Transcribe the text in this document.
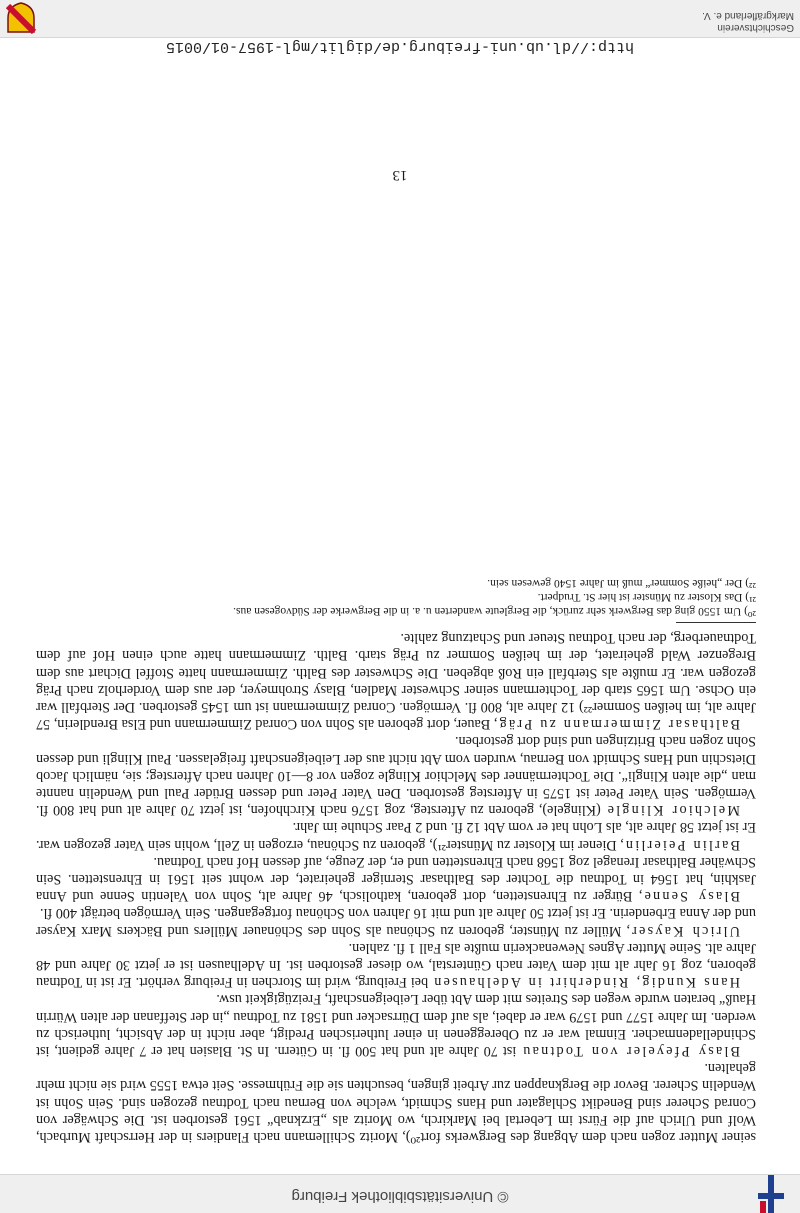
© Universitätsbibliothek Freiburg

seiner Mutter zogen nach dem Abgang des Bergwerks fort²⁰), Moritz Schillemann nach Flandiers in der Herrschaft Murbach, Wolf und Ulrich auf die Fürst im Lebertal bei Markirch, wo Moritz als „Erzknab“ 1561 gestorben ist. Die Schwäger von Conrad Scherer sind Benedikt Schlagater und Hans Schmidt, welche von Bernau nach Todtnau gezogen sind. Sein Sohn ist Wendelin Scherer. Bevor die Bergknappen zur Arbeit gingen, besuchten sie die Frühmesse. Seit etwa 1555 wird sie nicht mehr gehalten.

Blasy Pfeyeler von Todtnau ist 70 Jahre alt und hat 500 fl. in Gütern. In St. Blasien hat er 7 Jahre gedient, ist Schindelladenmacher. Einmal war er zu Obereggenen in einer lutherischen Predigt, aber nicht in der Absicht, lutherisch zu werden. Im Jahre 1577 und 1579 war er dabei, als auf dem Dürrsacker und 1581 zu Todtnau „in der Steffanan der alten Würrin Hauß“ beraten wurde wegen des Streites mit dem Abt über Leibeigenschaft, Freizügigkeit usw.

Hans Kundig, Rinderhirt in Adelhausen bei Freiburg, wird im Storchen in Freiburg verhört. Er ist in Todtnau geboren, zog 16 Jahr alt mit dem Vater nach Günterstal, wo dieser gestorben ist. In Adelhausen ist er jetzt 30 Jahre und 48 Jahre alt. Seine Mutter Agnes Newenackerin mußte als Fall 1 fl. zahlen.

Ulrich Kayser, Müller zu Münster, geboren zu Schönau als Sohn des Schönauer Müllers und Bäckers Marx Kayser und der Anna Erbenderin. Er ist jetzt 50 Jahre alt und mit 16 Jahren von Schönau fortgegangen. Sein Vermögen beträgt 400 fl.

Blasy Senne, Bürger zu Ehrenstetten, dort geboren, katholisch, 46 Jahre alt, Sohn von Valentin Senne und Anna Jaskhin, hat 1564 in Todtnau die Tochter des Balthasar Sterniger geheiratet, der wohnt seit 1561 in Ehrenstetten. Sein Schwäher Balthasar Irenagel zog 1568 nach Ehrenstetten und er, der Zeuge, auf dessen Hof nach Todtnau.

Barlin Peierlin, Diener im Kloster zu Münster²¹), geboren zu Schönau, erzogen in Zell, wohin sein Vater gezogen war. Er ist jetzt 58 Jahre alt, als Lohn hat er vom Abt 12 fl. und 2 Paar Schuhe im Jahr.

Melchior Klingle (Klingele), geboren zu Aftersteg, zog 1576 nach Kirchhofen, ist jetzt 70 Jahre alt und hat 800 fl. Vermögen. Sein Vater Peter ist 1575 in Aftersteg gestorben. Den Vater Peter und dessen Brüder Paul und Wendelin nannte man „die alten Klingli“. Die Tochtermänner des Melchior Klingle zogen vor 8—10 Jahren nach Aftersteg; sie, nämlich Jacob Dietschin und Hans Schmidt von Bernau, wurden vom Abt nicht aus der Leibeigenschaft freigelassen. Paul Klingli und dessen Sohn zogen nach Britzingen und sind dort gestorben.

Balthasar Zimmermann zu Präg, Bauer, dort geboren als Sohn von Conrad Zimmermann und Elsa Brendlerin, 57 Jahre alt, im heißen Sommer²²) 12 Jahre alt, 800 fl. Vermögen. Conrad Zimmermann ist um 1545 gestorben. Der Sterbfall war ein Ochse. Um 1565 starb der Tochtermann seiner Schwester Madlen, Blasy Strohmeyer, der aus dem Vorderholz nach Präg gezogen war. Er mußte als Sterbfall ein Roß abgeben. Die Schwester des Balth. Zimmermann hatte Stoffel Dichart aus dem Bregenzer Wald geheiratet, der im heißen Sommer zu Präg starb. Balth. Zimmermann hatte auch einen Hof auf dem Todtnauerberg, der nach Todtnau Steuer und Schatzung zahlte.

²⁰) Um 1550 ging das Bergwerk sehr zurück, die Bergleute wanderten u. a. in die Bergwerke der Südvogesen aus.

²¹) Das Kloster zu Münster ist hier St. Trudpert.

²²) Der „heiße Sommer“ muß im Jahre 1540 gewesen sein.

13
http://dl.ub.uni-freiburg.de/diglit/mgl-1957-01/0015
Geschichtsverein
Markgräflerland e. V.
